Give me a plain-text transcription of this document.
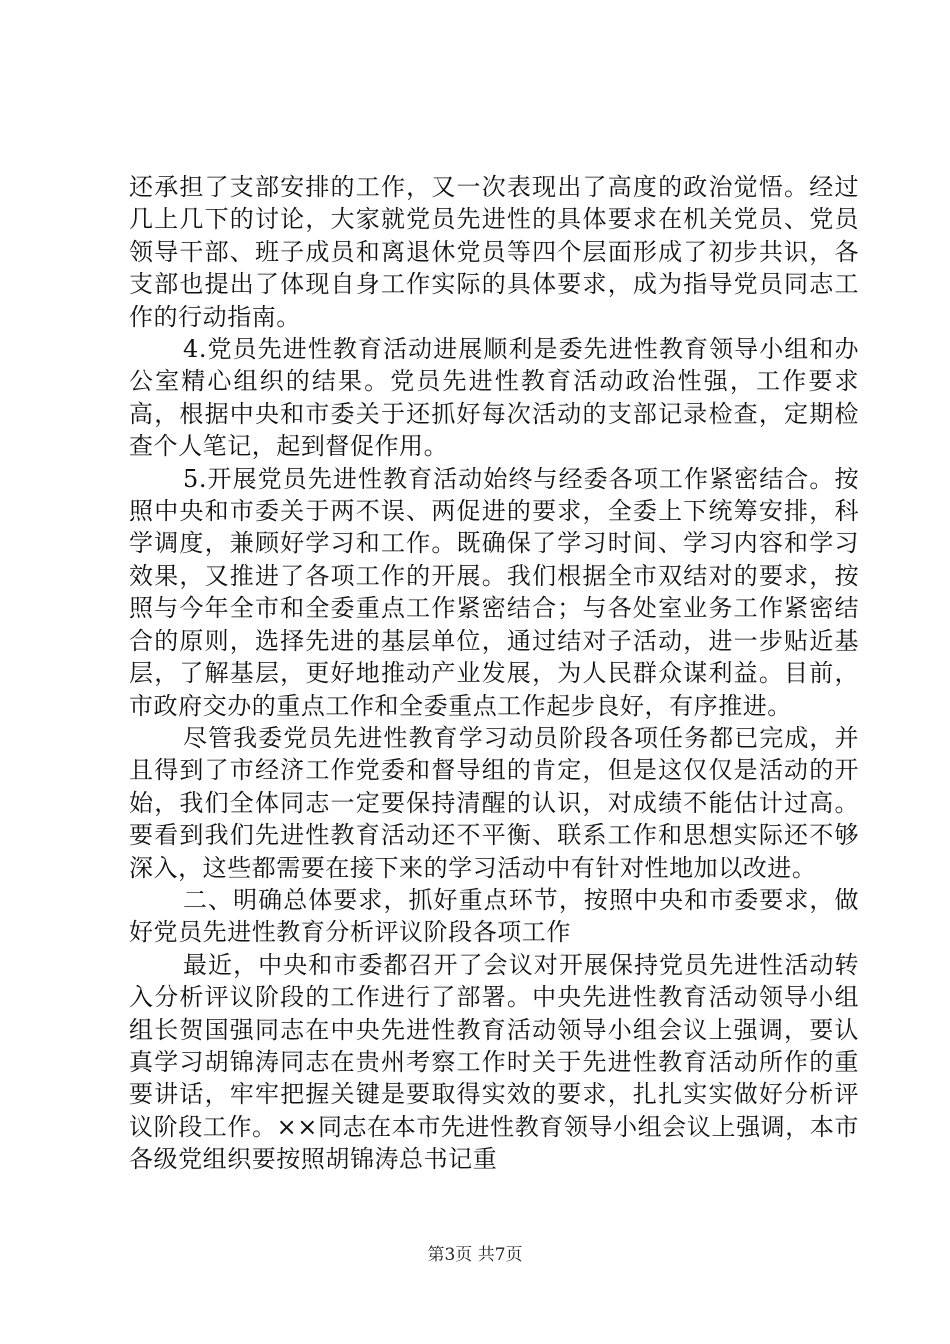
还承担了支部安排的工作，又一次表现出了高度的政治觉悟。经过几上几下的讨论，大家就党员先进性的具体要求在机关党员、党员领导干部、班子成员和离退休党员等四个层面形成了初步共识，各支部也提出了体现自身工作实际的具体要求，成为指导党员同志工作的行动指南。

4.党员先进性教育活动进展顺利是委先进性教育领导小组和办公室精心组织的结果。党员先进性教育活动政治性强，工作要求高，根据中央和市委关于还抓好每次活动的支部记录检查，定期检查个人笔记，起到督促作用。

5.开展党员先进性教育活动始终与经委各项工作紧密结合。按照中央和市委关于两不误、两促进的要求，全委上下统筹安排，科学调度，兼顾好学习和工作。既确保了学习时间、学习内容和学习效果，又推进了各项工作的开展。我们根据全市双结对的要求，按照与今年全市和全委重点工作紧密结合；与各处室业务工作紧密结合的原则，选择先进的基层单位，通过结对子活动，进一步贴近基层，了解基层，更好地推动产业发展，为人民群众谋利益。目前，市政府交办的重点工作和全委重点工作起步良好，有序推进。

尽管我委党员先进性教育学习动员阶段各项任务都已完成，并且得到了市经济工作党委和督导组的肯定，但是这仅仅是活动的开始，我们全体同志一定要保持清醒的认识，对成绩不能估计过高。要看到我们先进性教育活动还不平衡、联系工作和思想实际还不够深入，这些都需要在接下来的学习活动中有针对性地加以改进。

二、明确总体要求，抓好重点环节，按照中央和市委要求，做好党员先进性教育分析评议阶段各项工作

最近，中央和市委都召开了会议对开展保持党员先进性活动转入分析评议阶段的工作进行了部署。中央先进性教育活动领导小组组长贺国强同志在中央先进性教育活动领导小组会议上强调，要认真学习胡锦涛同志在贵州考察工作时关于先进性教育活动所作的重要讲话，牢牢把握关键是要取得实效的要求，扎扎实实做好分析评议阶段工作。××同志在本市先进性教育领导小组会议上强调，本市各级党组织要按照胡锦涛总书记重

第3页 共7页
